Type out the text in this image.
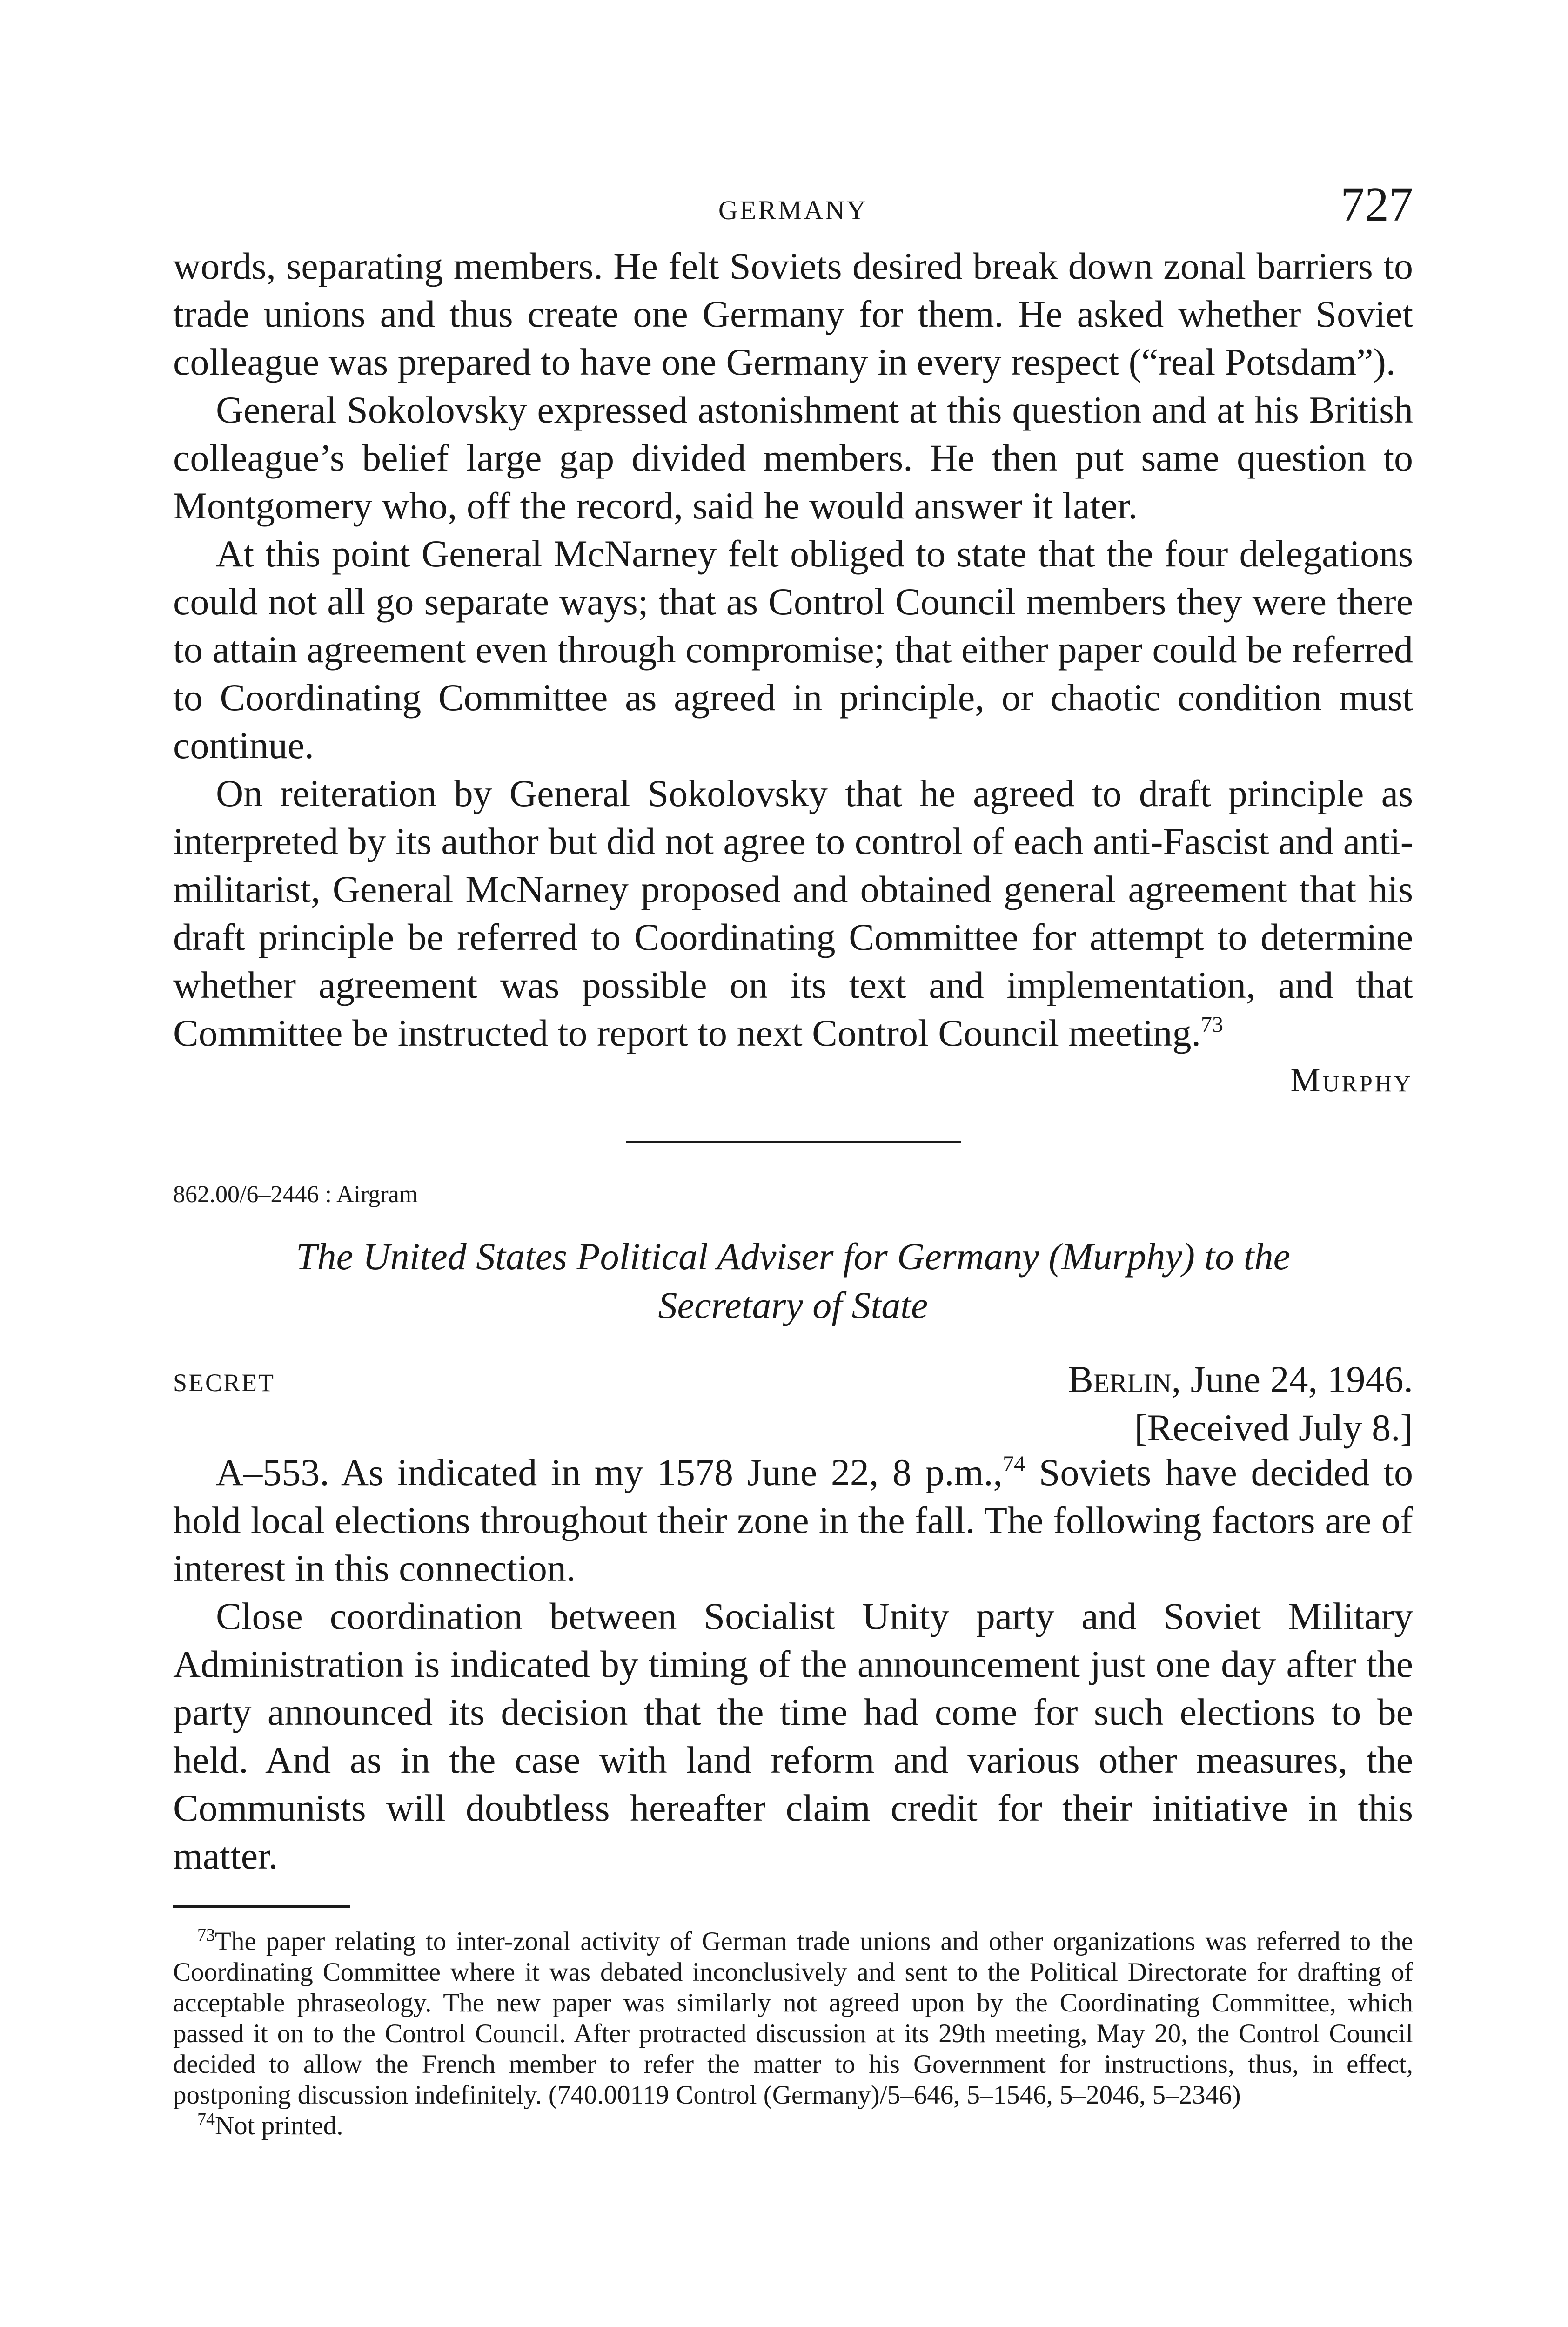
GERMANY	727

words, separating members. He felt Soviets desired break down zonal barriers to trade unions and thus create one Germany for them. He asked whether Soviet colleague was prepared to have one Germany in every respect (“real Potsdam”).

General Sokolovsky expressed astonishment at this question and at his British colleague’s belief large gap divided members. He then put same question to Montgomery who, off the record, said he would answer it later.

At this point General McNarney felt obliged to state that the four delegations could not all go separate ways; that as Control Council members they were there to attain agreement even through compromise; that either paper could be referred to Coordinating Committee as agreed in principle, or chaotic condition must continue.

On reiteration by General Sokolovsky that he agreed to draft principle as interpreted by its author but did not agree to control of each anti-Fascist and anti-militarist, General McNarney proposed and obtained general agreement that his draft principle be referred to Coordinating Committee for attempt to determine whether agreement was possible on its text and implementation, and that Committee be instructed to report to next Control Council meeting.$^{73}$

Murphy
862.00/6–2446 : Airgram
The United States Political Adviser for Germany (Murphy) to the
Secretary of State
SECRET	Berlin, June 24, 1946.
[Received July 8.]

A–553. As indicated in my 1578 June 22, 8 p.m.,$^{74}$ Soviets have decided to hold local elections throughout their zone in the fall. The following factors are of interest in this connection.

Close coordination between Socialist Unity party and Soviet Military Administration is indicated by timing of the announcement just one day after the party announced its decision that the time had come for such elections to be held. And as in the case with land reform and various other measures, the Communists will doubtless hereafter claim credit for their initiative in this matter.

$^{73}$The paper relating to inter-zonal activity of German trade unions and other organizations was referred to the Coordinating Committee where it was debated inconclusively and sent to the Political Directorate for drafting of acceptable phraseology. The new paper was similarly not agreed upon by the Coordinating Committee, which passed it on to the Control Council. After protracted discussion at its 29th meeting, May 20, the Control Council decided to allow the French member to refer the matter to his Government for instructions, thus, in effect, postponing discussion indefinitely. (740.00119 Control (Germany)/5–646, 5–1546, 5–2046, 5–2346)

$^{74}$Not printed.
